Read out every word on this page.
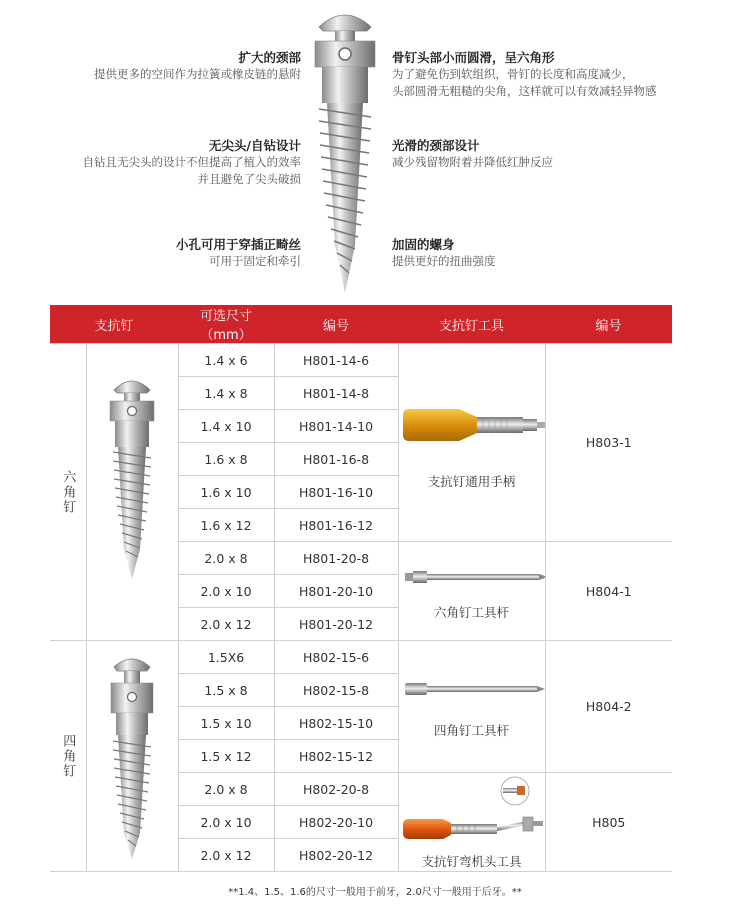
扩大的颈部
提供更多的空间作为拉簧或橡皮链的悬附
无尖头/自钻设计
自钻且无尖头的设计不但提高了植入的效率
并且避免了尖头破损
小孔可用于穿插正畸丝
可用于固定和牵引
骨钉头部小而圆滑，呈六角形
为了避免伤到软组织，骨钉的长度和高度减少，
头部圆滑无粗糙的尖角，这样就可以有效减轻异物感
光滑的颈部设计
减少残留物附着并降低红肿反应
加固的螺身
提供更好的扭曲强度
支抗钉		可选尺寸（mm）	编号	支抗钉工具	编号

六角钉		1.4 x 6	H801-14-6	支抗钉通用手柄	H803-1
		1.4 x 8	H801-14-8		
		1.4 x 10	H801-14-10		
		1.6 x 8	H801-16-8		
		1.6 x 10	H801-16-10		
		1.6 x 12	H801-16-12		
		2.0 x 8	H801-20-8	六角钉工具杆	H804-1
		2.0 x 10	H801-20-10		
		2.0 x 12	H801-20-12		

四角钉		1.5X6	H802-15-6	四角钉工具杆	H804-2
		1.5 x 8	H802-15-8		
		1.5 x 10	H802-15-10		
		1.5 x 12	H802-15-12		
		2.0 x 8	H802-20-8	支抗钉弯机头工具	H805
		2.0 x 10	H802-20-10		
		2.0 x 12	H802-20-12		
**1.4、1.5、1.6的尺寸一般用于前牙，2.0尺寸一般用于后牙。**
